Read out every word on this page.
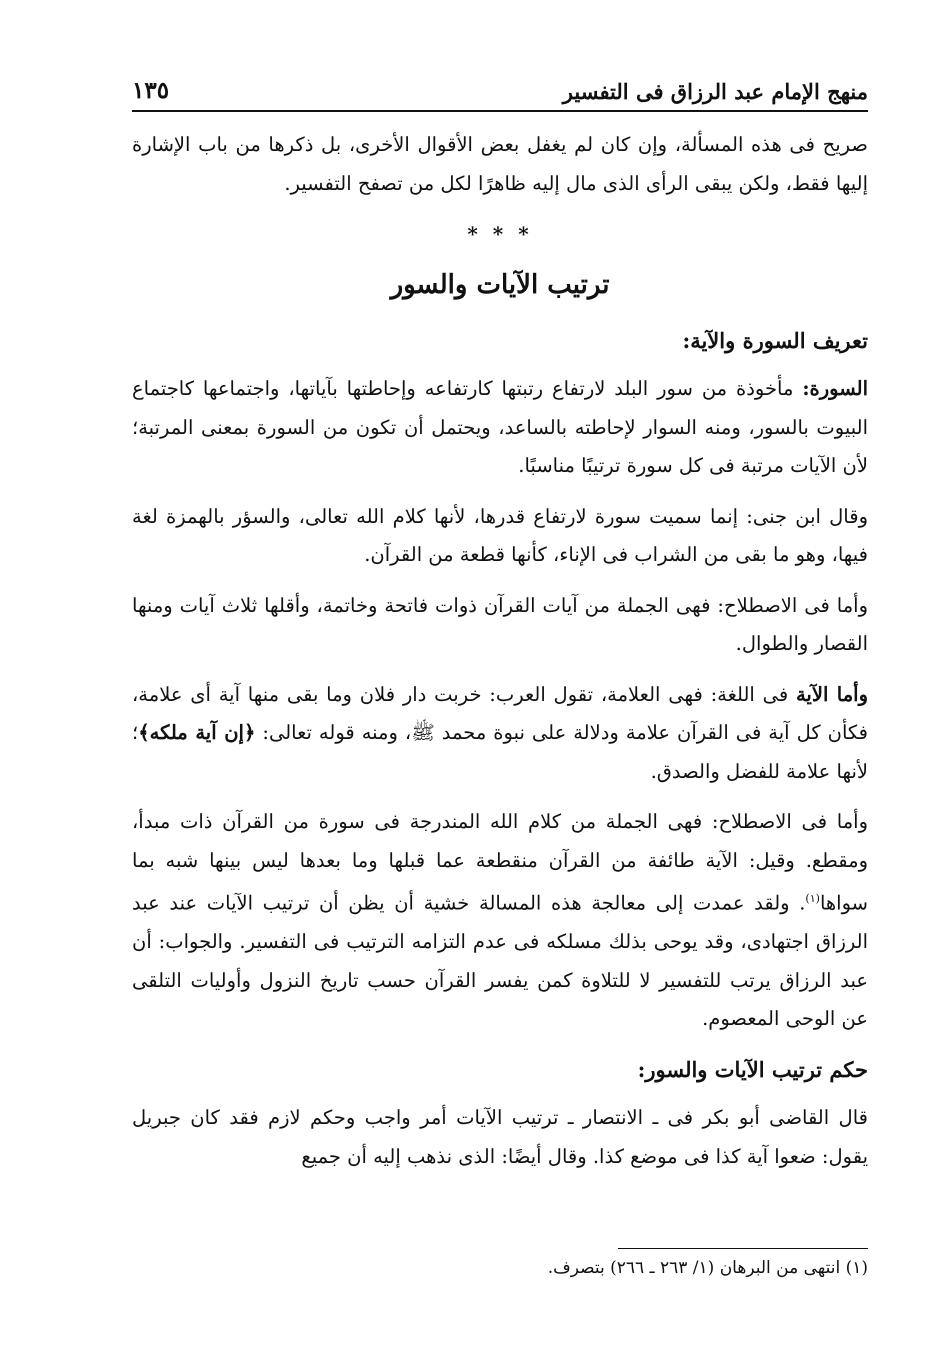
منهج الإمام عبد الرزاق فى التفسير
١٣٥

صريح فى هذه المسألة، وإن كان لم يغفل بعض الأقوال الأخرى، بل ذكرها من باب الإشارة إليها فقط، ولكن يبقى الرأى الذى مال إليه ظاهرًا لكل من تصفح التفسير.

* * *
ترتيب الآيات والسور
تعريف السورة والآية:

السورة: مأخوذة من سور البلد لارتفاع رتبتها كارتفاعه وإحاطتها بآياتها، واجتماعها كاجتماع البيوت بالسور، ومنه السوار لإحاطته بالساعد، ويحتمل أن تكون من السورة بمعنى المرتبة؛ لأن الآيات مرتبة فى كل سورة ترتيبًا مناسبًا.

وقال ابن جنى: إنما سميت سورة لارتفاع قدرها، لأنها كلام الله تعالى، والسؤر بالهمزة لغة فيها، وهو ما بقى من الشراب فى الإناء، كأنها قطعة من القرآن.

وأما فى الاصطلاح: فهى الجملة من آيات القرآن ذوات فاتحة وخاتمة، وأقلها ثلاث آيات ومنها القصار والطوال.

وأما الآية فى اللغة: فهى العلامة، تقول العرب: خربت دار فلان وما بقى منها آية أى علامة، فكأن كل آية فى القرآن علامة ودلالة على نبوة محمد ﷺ، ومنه قوله تعالى: ﴿إن آية ملكه﴾؛ لأنها علامة للفضل والصدق.

وأما فى الاصطلاح: فهى الجملة من كلام الله المندرجة فى سورة من القرآن ذات مبدأ، ومقطع. وقيل: الآية طائفة من القرآن منقطعة عما قبلها وما بعدها ليس بينها شبه بما سواها$^{(١)}$. ولقد عمدت إلى معالجة هذه المسالة خشية أن يظن أن ترتيب الآيات عند عبد الرزاق اجتهادى، وقد يوحى بذلك مسلكه فى عدم التزامه الترتيب فى التفسير. والجواب: أن عبد الرزاق يرتب للتفسير لا للتلاوة كمن يفسر القرآن حسب تاريخ النزول وأوليات التلقى عن الوحى المعصوم.

حكم ترتيب الآيات والسور:

قال القاضى أبو بكر فى ـ الانتصار ـ ترتيب الآيات أمر واجب وحكم لازم فقد كان جبريل يقول: ضعوا آية كذا فى موضع كذا. وقال أيضًا: الذى نذهب إليه أن جميع

(١) انتهى من البرهان (١/ ٢٦٣ ـ ٢٦٦) بتصرف.
